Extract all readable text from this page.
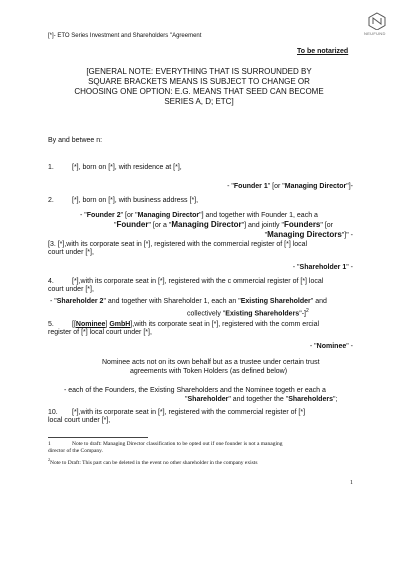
[*]- ETO Series Investment and Shareholders "Agreement	NEUFUND
To be notarized
[GENERAL NOTE: EVERYTHING THAT IS SURROUNDED BY
SQUARE BRACKETS MEANS IS SUBJECT TO CHANGE OR
CHOOSING ONE OPTION: E.G. MEANS THAT SEED CAN BECOME
SERIES A, D; ETC]
By and betwee n:
1.	[*], born on [*], with residence at [*],
- "Founder 1" [or "Managing Director"]-
2.	[*], born on [*], with business address [*],
- "Founder 2" [or "Managing Director"] and together with Founder 1, each a
"Founder" [or a "Managing Director"] and jointly "Founders" [or
"Managing Directors"]" -
[3. [*],with its corporate seat in [*], registered with the commercial register of [*] local
court under [*],
- "Shareholder 1" -
4.	[*],with its corporate seat in [*], registered with the c ommercial register of [*] local
court under [*],
- "Shareholder 2" and together with Shareholder 1, each an "Existing Shareholder" and
collectively "Existing Shareholders"-]$^2$
5.	[[Nominee] GmbH],with its corporate seat in [*], registered with the comm ercial
register of [*] local court under [*],
- "Nominee" -
Nominee acts not on its own behalf but as a trustee under certain trust
agreements with Token Holders (as defined below)
- each of the Founders, the Existing Shareholders and the Nominee togeth er each a
"Shareholder" and together the "Shareholders";
10. [*],with its corporate seat in [*], registered with the commercial register of [*]
local court under [*],
1	Note to draft: Managing Director classification to be opted out if one founder is not a managing
director of the Company.
$^2$Note to Draft: This part can be deleted in the event no other shareholder in the company exists
1
